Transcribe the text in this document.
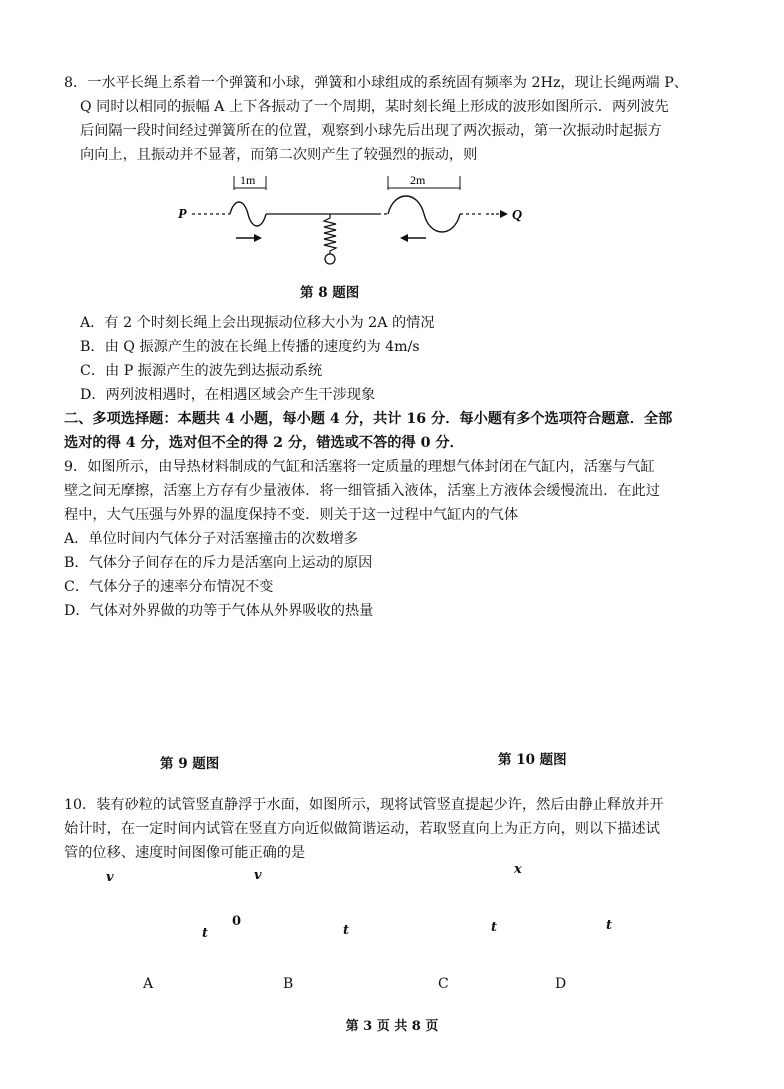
8．一水平长绳上系着一个弹簧和小球，弹簧和小球组成的系统固有频率为 2Hz，现让长绳两端 P、
Q 同时以相同的振幅 A 上下各振动了一个周期，某时刻长绳上形成的波形如图所示．两列波先
后间隔一段时间经过弹簧所在的位置，观察到小球先后出现了两次振动，第一次振动时起振方
向向上，且振动并不显著，而第二次则产生了较强烈的振动，则
P	Q
1m	2m
第 8 题图
A．有 2 个时刻长绳上会出现振动位移大小为 2A 的情况
B．由 Q 振源产生的波在长绳上传播的速度约为 4m/s
C．由 P 振源产生的波先到达振动系统
D．两列波相遇时，在相遇区域会产生干涉现象
二、多项选择题：本题共 4 小题，每小题 4 分，共计 16 分．每小题有多个选项符合题意．全部
选对的得 4 分，选对但不全的得 2 分，错选或不答的得 0 分．
9．如图所示，由导热材料制成的气缸和活塞将一定质量的理想气体封闭在气缸内，活塞与气缸
壁之间无摩擦，活塞上方存有少量液体．将一细管插入液体，活塞上方液体会缓慢流出．在此过
程中，大气压强与外界的温度保持不变．则关于这一过程中气缸内的气体
A．单位时间内气体分子对活塞撞击的次数增多
B．气体分子间存在的斥力是活塞向上运动的原因
C．气体分子的速率分布情况不变
D．气体对外界做的功等于气体从外界吸收的热量
第 9 题图	第 10 题图
10．装有砂粒的试管竖直静浮于水面，如图所示，现将试管竖直提起少许，然后由静止释放并开
始计时，在一定时间内试管在竖直方向近似做简谐运动，若取竖直向上为正方向，则以下描述试
管的位移、速度时间图像可能正确的是
v	v	x
0
t	t	t	t
A	B	C	D
第 3 页 共 8 页
